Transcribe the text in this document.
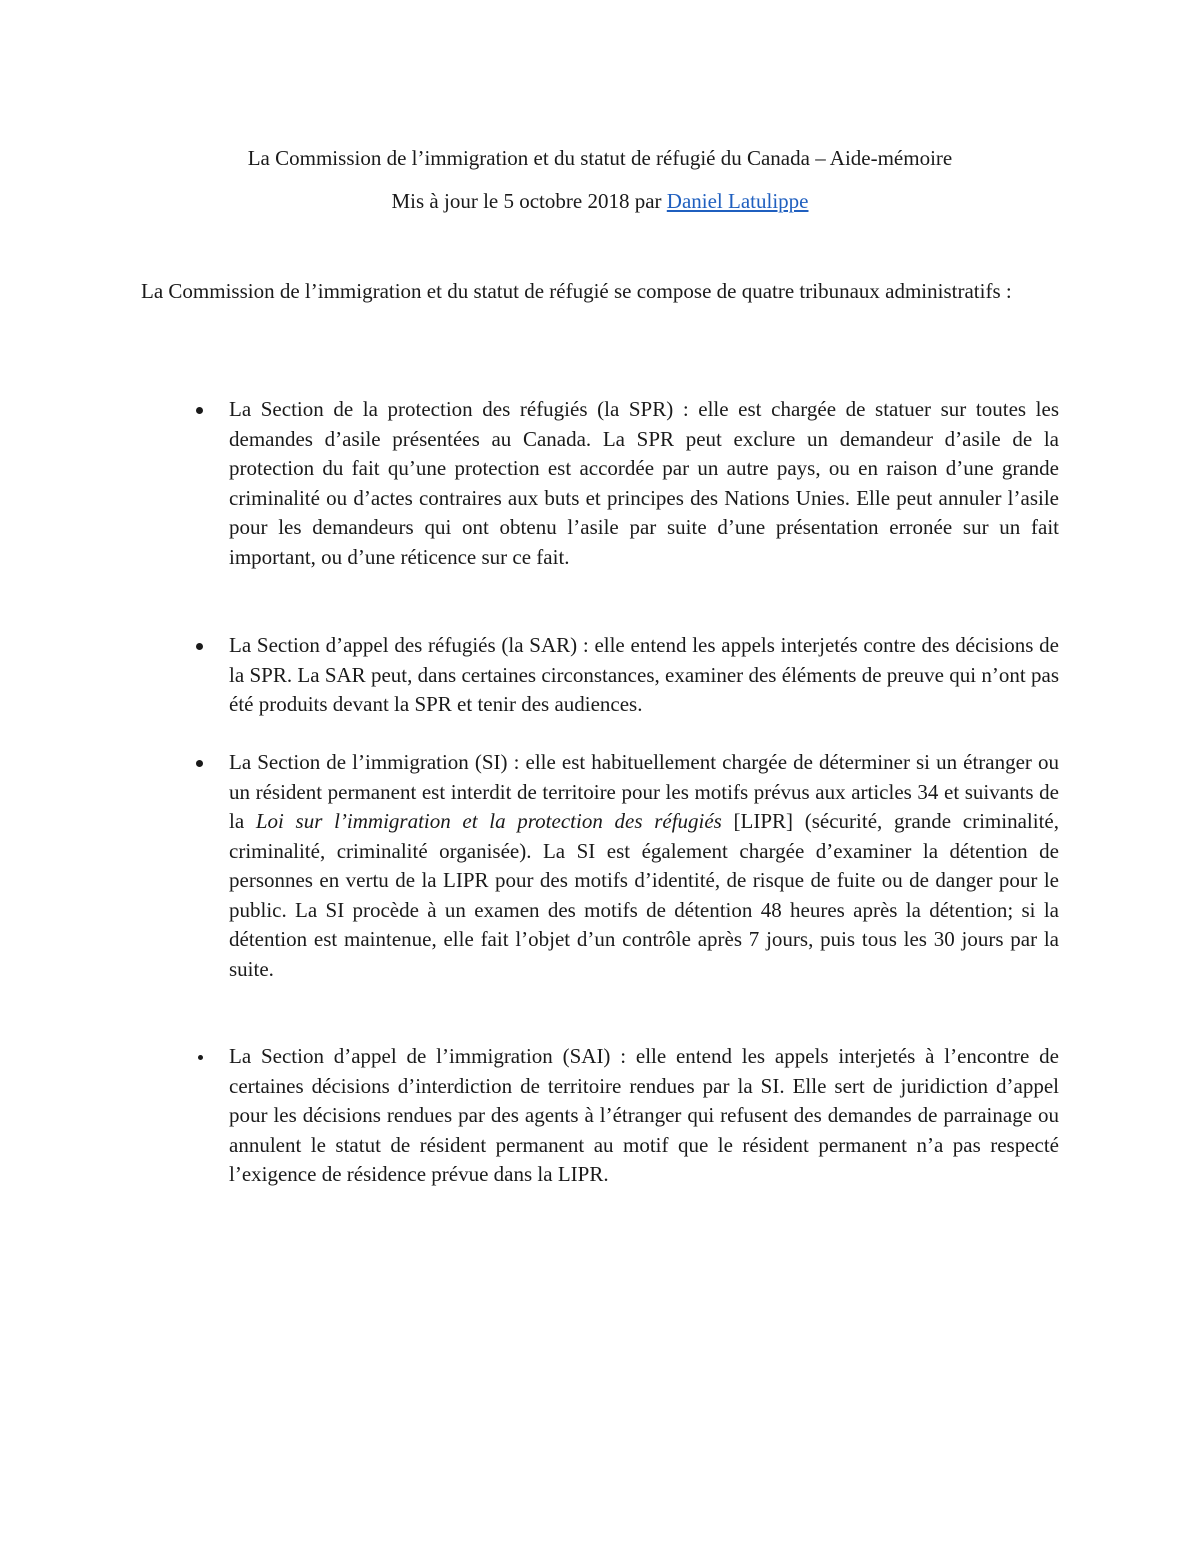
La Commission de l’immigration et du statut de réfugié du Canada – Aide-mémoire

Mis à jour le 5 octobre 2018 par Daniel Latulippe

La Commission de l’immigration et du statut de réfugié se compose de quatre tribunaux administratifs :

La Section de la protection des réfugiés (la SPR) : elle est chargée de statuer sur toutes les demandes d’asile présentées au Canada. La SPR peut exclure un demandeur d’asile de la protection du fait qu’une protection est accordée par un autre pays, ou en raison d’une grande criminalité ou d’actes contraires aux buts et principes des Nations Unies. Elle peut annuler l’asile pour les demandeurs qui ont obtenu l’asile par suite d’une présentation erronée sur un fait important, ou d’une réticence sur ce fait.
La Section d’appel des réfugiés (la SAR) : elle entend les appels interjetés contre des décisions de la SPR. La SAR peut, dans certaines circonstances, examiner des éléments de preuve qui n’ont pas été produits devant la SPR et tenir des audiences.
La Section de l’immigration (SI) : elle est habituellement chargée de déterminer si un étranger ou un résident permanent est interdit de territoire pour les motifs prévus aux articles 34 et suivants de la Loi sur l’immigration et la protection des réfugiés [LIPR] (sécurité, grande criminalité, criminalité, criminalité organisée). La SI est également chargée d’examiner la détention de personnes en vertu de la LIPR pour des motifs d’identité, de risque de fuite ou de danger pour le public. La SI procède à un examen des motifs de détention 48 heures après la détention; si la détention est maintenue, elle fait l’objet d’un contrôle après 7 jours, puis tous les 30 jours par la suite.
La Section d’appel de l’immigration (SAI) : elle entend les appels interjetés à l’encontre de certaines décisions d’interdiction de territoire rendues par la SI. Elle sert de juridiction d’appel pour les décisions rendues par des agents à l’étranger qui refusent des demandes de parrainage ou annulent le statut de résident permanent au motif que le résident permanent n’a pas respecté l’exigence de résidence prévue dans la LIPR.
